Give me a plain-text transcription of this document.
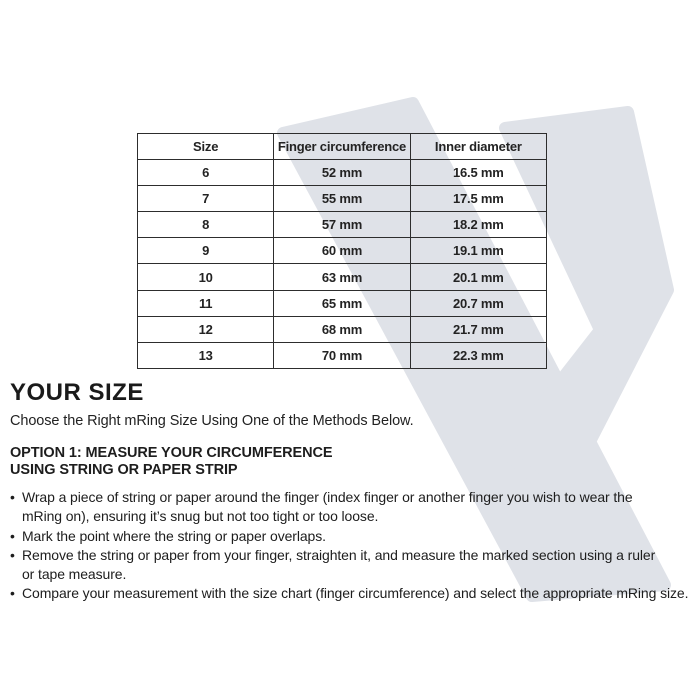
Size	Finger circumference	Inner diameter
6	52 mm	16.5 mm
7	55 mm	17.5 mm
8	57 mm	18.2 mm
9	60 mm	19.1 mm
10	63 mm	20.1 mm
11	65 mm	20.7 mm
12	68 mm	21.7 mm
13	70 mm	22.3 mm
YOUR SIZE

Choose the Right mRing Size Using One of the Methods Below.

OPTION 1: MEASURE YOUR CIRCUMFERENCE
USING STRING OR PAPER STRIP

• Wrap a piece of string or paper around the finger (index finger or another finger you wish to wear the
mRing on), ensuring it’s snug but not too tight or too loose.
• Mark the point where the string or paper overlaps.
• Remove the string or paper from your finger, straighten it, and measure the marked section using a ruler
or tape measure.
• Compare your measurement with the size chart (finger circumference) and select the appropriate mRing size.
